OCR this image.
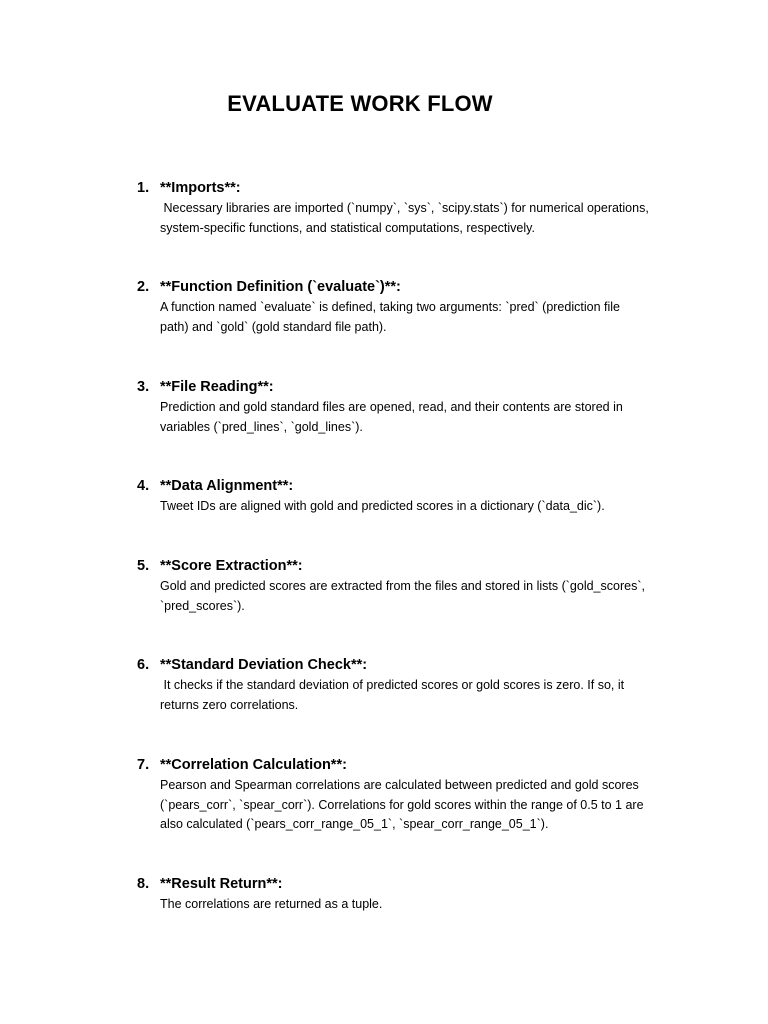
EVALUATE WORK FLOW
1. **Imports**:
Necessary libraries are imported (`numpy`, `sys`, `scipy.stats`) for numerical operations, system-specific functions, and statistical computations, respectively.
2. **Function Definition (`evaluate`)**:
A function named `evaluate` is defined, taking two arguments: `pred` (prediction file path) and `gold` (gold standard file path).
3. **File Reading**:
Prediction and gold standard files are opened, read, and their contents are stored in variables (`pred_lines`, `gold_lines`).
4. **Data Alignment**:
Tweet IDs are aligned with gold and predicted scores in a dictionary (`data_dic`).
5. **Score Extraction**:
Gold and predicted scores are extracted from the files and stored in lists (`gold_scores`, `pred_scores`).
6. **Standard Deviation Check**:
It checks if the standard deviation of predicted scores or gold scores is zero. If so, it returns zero correlations.
7. **Correlation Calculation**:
Pearson and Spearman correlations are calculated between predicted and gold scores (`pears_corr`, `spear_corr`). Correlations for gold scores within the range of 0.5 to 1 are also calculated (`pears_corr_range_05_1`, `spear_corr_range_05_1`).
8. **Result Return**:
The correlations are returned as a tuple.
